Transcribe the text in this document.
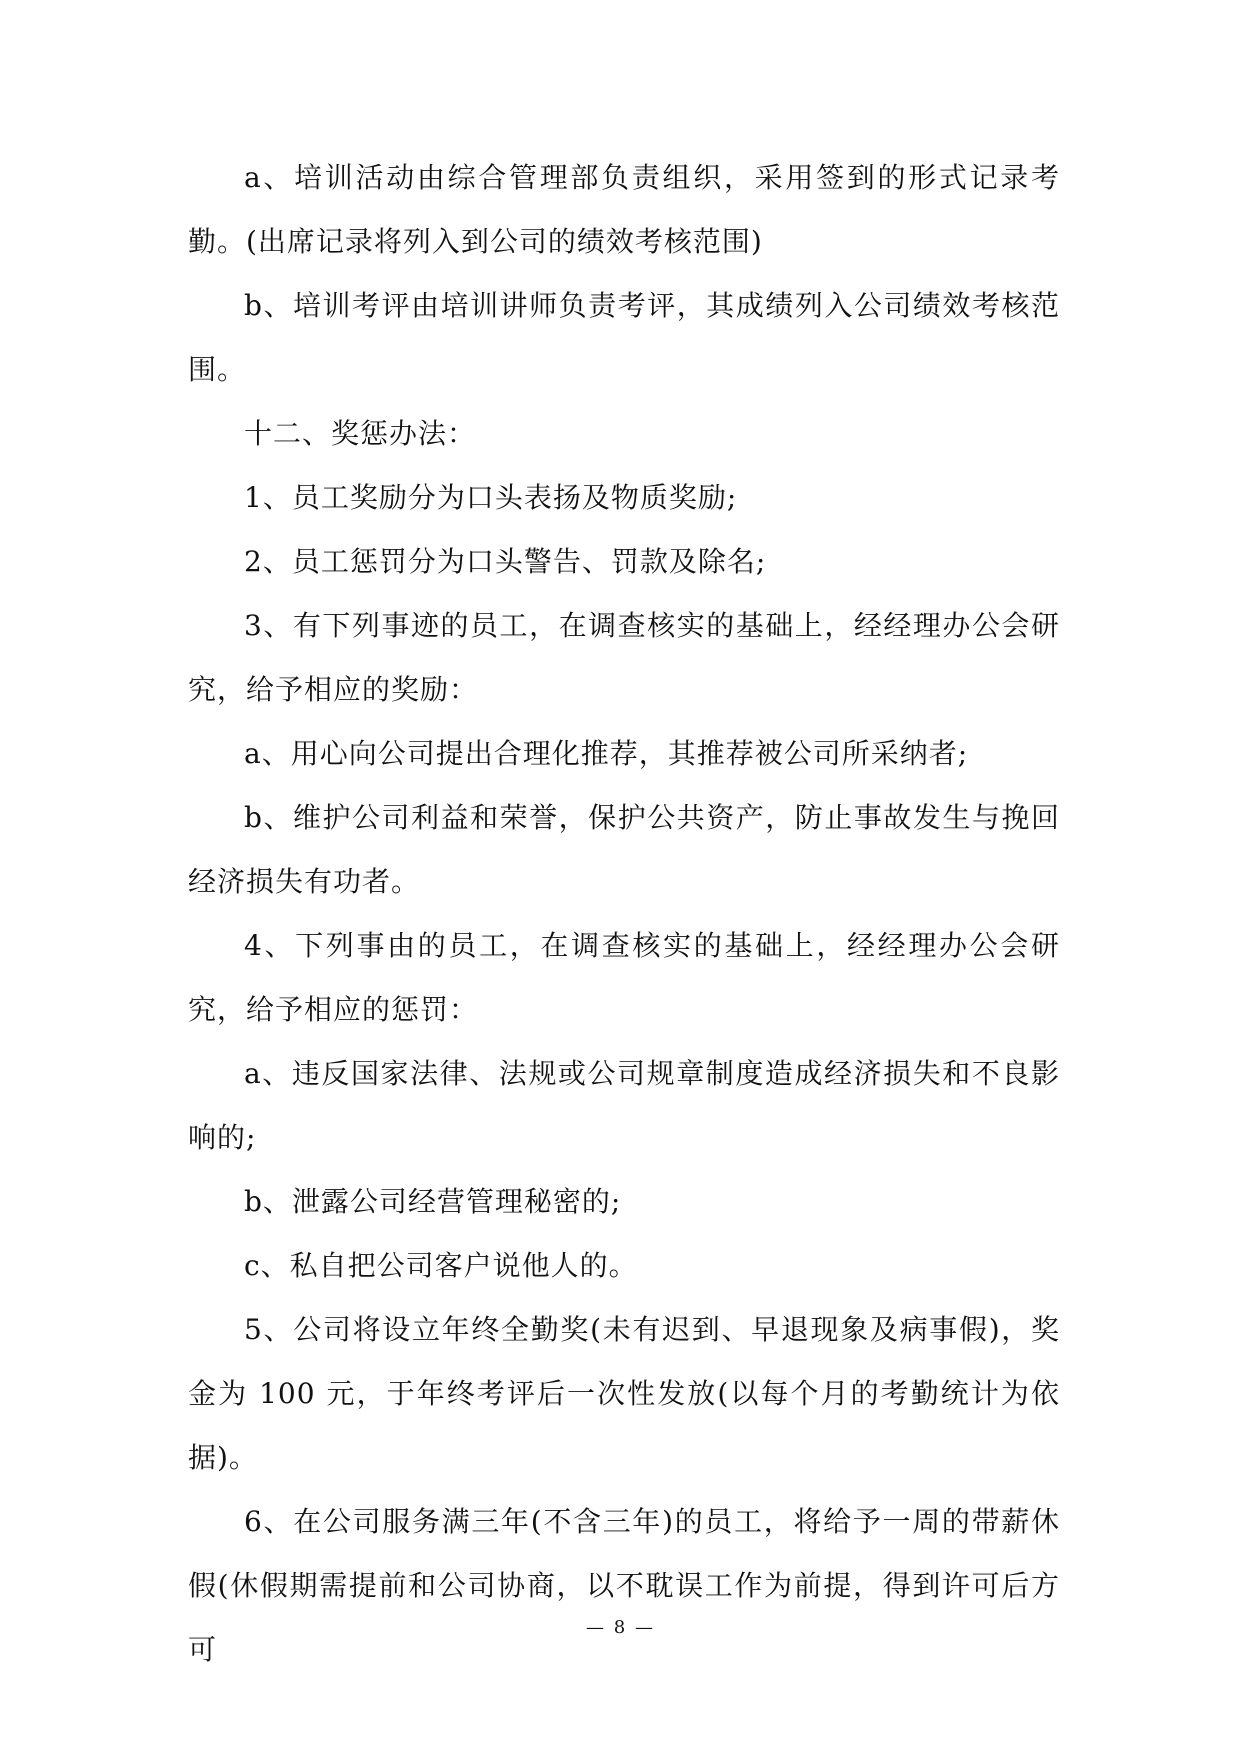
a、培训活动由综合管理部负责组织，采用签到的形式记录考勤。(出席记录将列入到公司的绩效考核范围)

b、培训考评由培训讲师负责考评，其成绩列入公司绩效考核范围。

十二、奖惩办法：

1、员工奖励分为口头表扬及物质奖励;

2、员工惩罚分为口头警告、罚款及除名;

3、有下列事迹的员工，在调查核实的基础上，经经理办公会研究，给予相应的奖励：

a、用心向公司提出合理化推荐，其推荐被公司所采纳者;

b、维护公司利益和荣誉，保护公共资产，防止事故发生与挽回经济损失有功者。

4、下列事由的员工，在调查核实的基础上，经经理办公会研究，给予相应的惩罚：

a、违反国家法律、法规或公司规章制度造成经济损失和不良影响的;

b、泄露公司经营管理秘密的;

c、私自把公司客户说他人的。

5、公司将设立年终全勤奖(未有迟到、早退现象及病事假)，奖金为 100 元，于年终考评后一次性发放(以每个月的考勤统计为依据)。

6、在公司服务满三年(不含三年)的员工，将给予一周的带薪休假(休假期需提前和公司协商，以不耽误工作为前提，得到许可后方可

— 8 —
